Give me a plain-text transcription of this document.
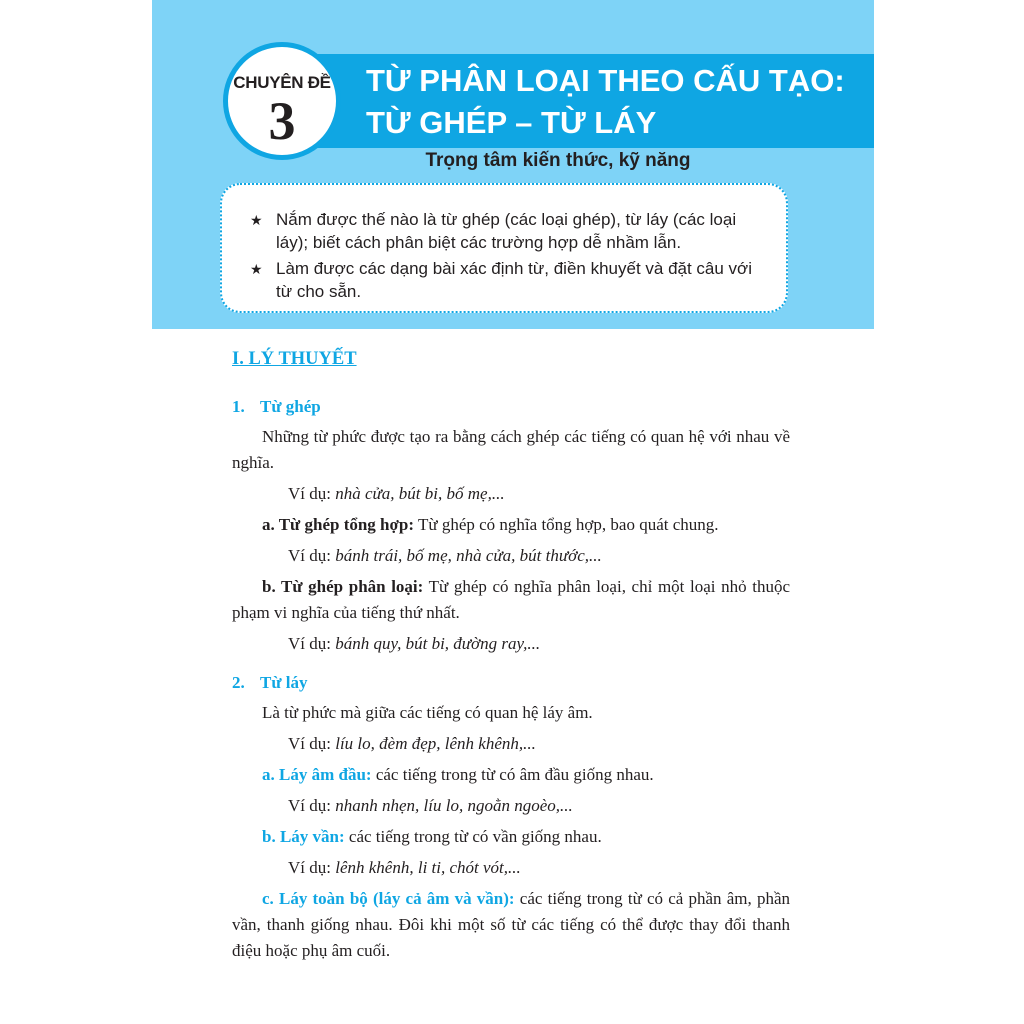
CHUYÊN ĐỀ
3
TỪ PHÂN LOẠI THEO CẤU TẠO:
TỪ GHÉP – TỪ LÁY
Trọng tâm kiến thức, kỹ năng
★ Nắm được thế nào là từ ghép (các loại ghép), từ láy (các loại láy); biết cách phân biệt các trường hợp dễ nhầm lẫn.
★ Làm được các dạng bài xác định từ, điền khuyết và đặt câu với từ cho sẵn.
I. LÝ THUYẾT
1. Từ ghép

Những từ phức được tạo ra bằng cách ghép các tiếng có quan hệ với nhau về nghĩa.

Ví dụ: nhà cửa, bút bi, bố mẹ,...

a. Từ ghép tổng hợp: Từ ghép có nghĩa tổng hợp, bao quát chung.

Ví dụ: bánh trái, bố mẹ, nhà cửa, bút thước,...

b. Từ ghép phân loại: Từ ghép có nghĩa phân loại, chỉ một loại nhỏ thuộc phạm vi nghĩa của tiếng thứ nhất.

Ví dụ: bánh quy, bút bi, đường ray,...

2. Từ láy

Là từ phức mà giữa các tiếng có quan hệ láy âm.

Ví dụ: líu lo, đèm đẹp, lênh khênh,...

a. Láy âm đầu: các tiếng trong từ có âm đầu giống nhau.

Ví dụ: nhanh nhẹn, líu lo, ngoằn ngoèo,...

b. Láy vần: các tiếng trong từ có vần giống nhau.

Ví dụ: lênh khênh, li ti, chót vót,...

c. Láy toàn bộ (láy cả âm và vần): các tiếng trong từ có cả phần âm, phần vần, thanh giống nhau. Đôi khi một số từ các tiếng có thể được thay đổi thanh điệu hoặc phụ âm cuối.
